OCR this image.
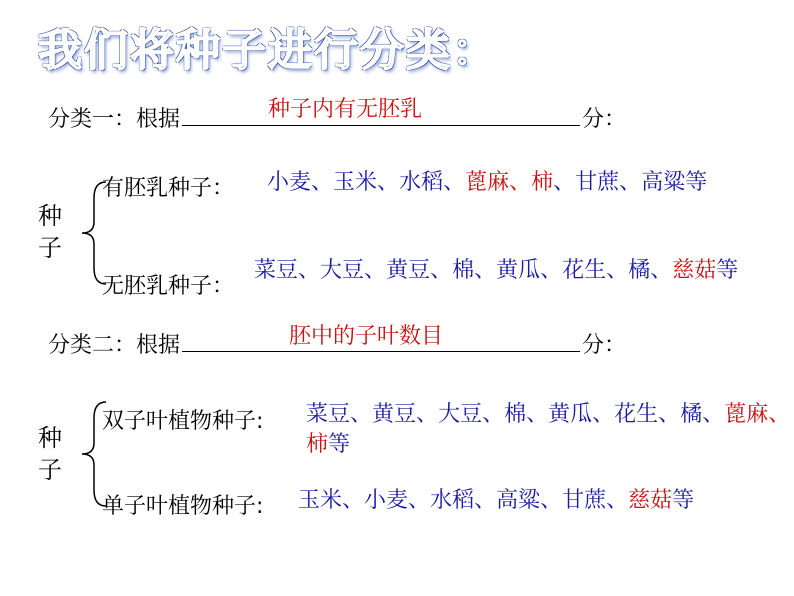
我们将种子进行分类：
分类一：根据	分：
种子内有无胚乳
种子
有胚乳种子： 小麦、玉米、水稻、蓖麻、柿、甘蔗、高粱等
无胚乳种子：
菜豆、大豆、黄豆、棉、黄瓜、花生、橘、慈菇等
分类二：根据	分：
胚中的子叶数目
种子
双子叶植物种子: 菜豆、黄豆、大豆、棉、黄瓜、花生、橘、蓖麻、柿等
单子叶植物种子: 玉米、小麦、水稻、高粱、甘蔗、慈菇等
